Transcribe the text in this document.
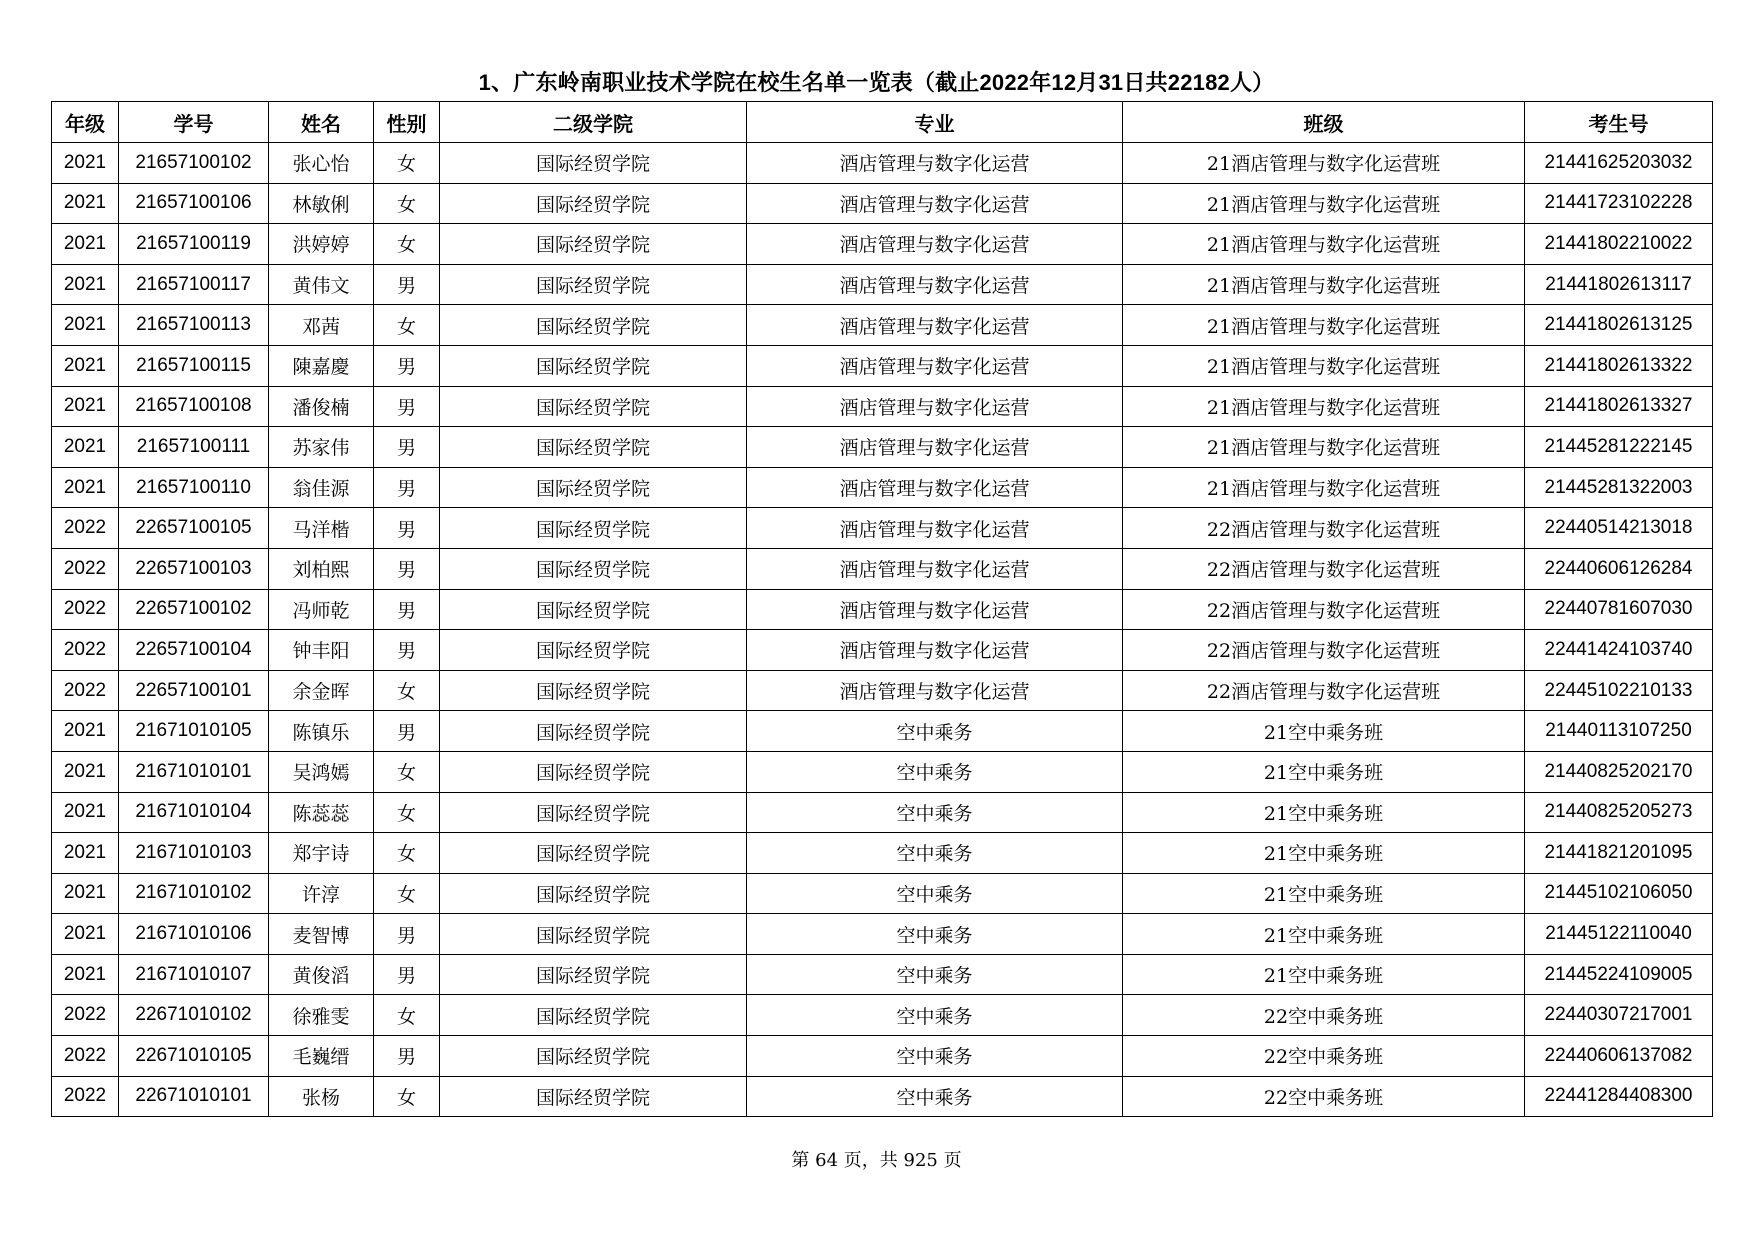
1、广东岭南职业技术学院在校生名单一览表（截止2022年12月31日共22182人）
年级	学号	姓名	性别	二级学院	专业	班级	考生号
2021	21657100102	张心怡	女	国际经贸学院	酒店管理与数字化运营	21酒店管理与数字化运营班	21441625203032
2021	21657100106	林敏俐	女	国际经贸学院	酒店管理与数字化运营	21酒店管理与数字化运营班	21441723102228
2021	21657100119	洪婷婷	女	国际经贸学院	酒店管理与数字化运营	21酒店管理与数字化运营班	21441802210022
2021	21657100117	黄伟文	男	国际经贸学院	酒店管理与数字化运营	21酒店管理与数字化运营班	21441802613117
2021	21657100113	邓茜	女	国际经贸学院	酒店管理与数字化运营	21酒店管理与数字化运营班	21441802613125
2021	21657100115	陳嘉慶	男	国际经贸学院	酒店管理与数字化运营	21酒店管理与数字化运营班	21441802613322
2021	21657100108	潘俊楠	男	国际经贸学院	酒店管理与数字化运营	21酒店管理与数字化运营班	21441802613327
2021	21657100111	苏家伟	男	国际经贸学院	酒店管理与数字化运营	21酒店管理与数字化运营班	21445281222145
2021	21657100110	翁佳源	男	国际经贸学院	酒店管理与数字化运营	21酒店管理与数字化运营班	21445281322003
2022	22657100105	马洋楷	男	国际经贸学院	酒店管理与数字化运营	22酒店管理与数字化运营班	22440514213018
2022	22657100103	刘柏熙	男	国际经贸学院	酒店管理与数字化运营	22酒店管理与数字化运营班	22440606126284
2022	22657100102	冯师乾	男	国际经贸学院	酒店管理与数字化运营	22酒店管理与数字化运营班	22440781607030
2022	22657100104	钟丰阳	男	国际经贸学院	酒店管理与数字化运营	22酒店管理与数字化运营班	22441424103740
2022	22657100101	余金晖	女	国际经贸学院	酒店管理与数字化运营	22酒店管理与数字化运营班	22445102210133
2021	21671010105	陈镇乐	男	国际经贸学院	空中乘务	21空中乘务班	21440113107250
2021	21671010101	吴鸿嫣	女	国际经贸学院	空中乘务	21空中乘务班	21440825202170
2021	21671010104	陈蕊蕊	女	国际经贸学院	空中乘务	21空中乘务班	21440825205273
2021	21671010103	郑宇诗	女	国际经贸学院	空中乘务	21空中乘务班	21441821201095
2021	21671010102	许淳	女	国际经贸学院	空中乘务	21空中乘务班	21445102106050
2021	21671010106	麦智博	男	国际经贸学院	空中乘务	21空中乘务班	21445122110040
2021	21671010107	黄俊滔	男	国际经贸学院	空中乘务	21空中乘务班	21445224109005
2022	22671010102	徐雅雯	女	国际经贸学院	空中乘务	22空中乘务班	22440307217001
2022	22671010105	毛巍缙	男	国际经贸学院	空中乘务	22空中乘务班	22440606137082
2022	22671010101	张杨	女	国际经贸学院	空中乘务	22空中乘务班	22441284408300
第 64 页，共 925 页
